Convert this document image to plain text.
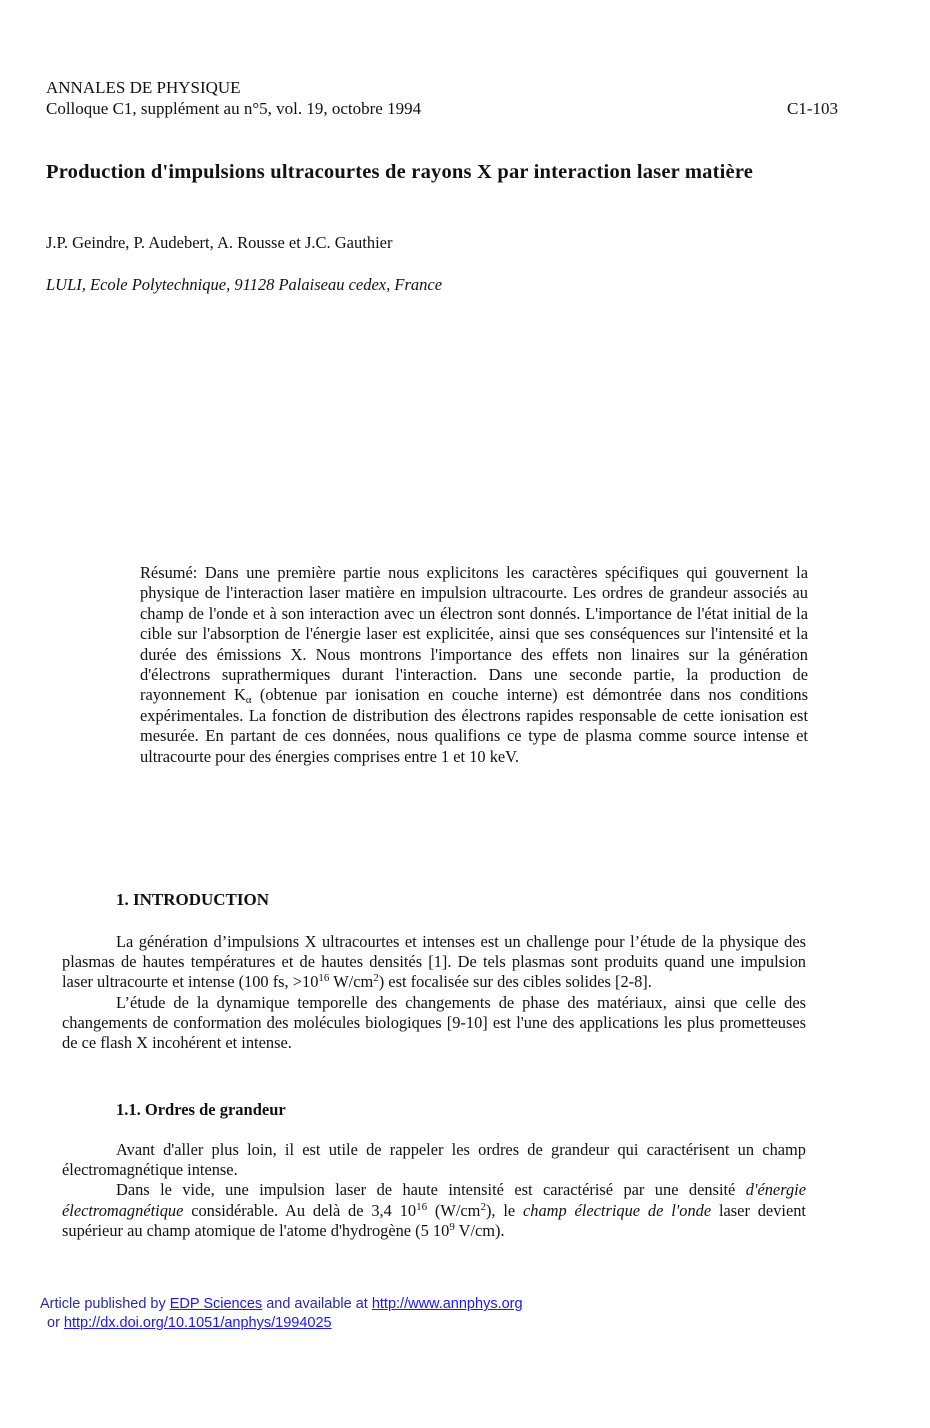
ANNALES DE PHYSIQUE
Colloque C1, supplément au n°5, vol. 19, octobre 1994	C1-103
Production d'impulsions ultracourtes de rayons X par interaction laser matière
J.P. Geindre, P. Audebert, A. Rousse et J.C. Gauthier
LULI, Ecole Polytechnique, 91128 Palaiseau cedex, France
Résumé: Dans une première partie nous explicitons les caractères spécifiques qui gouvernent la physique de l'interaction laser matière en impulsion ultracourte. Les ordres de grandeur associés au champ de l'onde et à son interaction avec un électron sont donnés. L'importance de l'état initial de la cible sur l'absorption de l'énergie laser est explicitée, ainsi que ses conséquences sur l'intensité et la durée des émissions X. Nous montrons l'importance des effets non linaires sur la génération d'électrons suprathermiques durant l'interaction. Dans une seconde partie, la production de rayonnement $K_\alpha$ (obtenue par ionisation en couche interne) est démontrée dans nos conditions expérimentales. La fonction de distribution des électrons rapides responsable de cette ionisation est mesurée. En partant de ces données, nous qualifions ce type de plasma comme source intense et ultracourte pour des énergies comprises entre 1 et 10 keV.
1. INTRODUCTION

La génération d’impulsions X ultracourtes et intenses est un challenge pour l’étude de la physique des plasmas de hautes températures et de hautes densités [1]. De tels plasmas sont produits quand une impulsion laser ultracourte et intense (100 fs, $>10^{16}$ $W/cm^2$) est focalisée sur des cibles solides [2-8].

L’étude de la dynamique temporelle des changements de phase des matériaux, ainsi que celle des changements de conformation des molécules biologiques [9-10] est l'une des applications les plus prometteuses de ce flash X incohérent et intense.

1.1. Ordres de grandeur

Avant d'aller plus loin, il est utile de rappeler les ordres de grandeur qui caractérisent un champ électromagnétique intense.

Dans le vide, une impulsion laser de haute intensité est caractérisé par une densité d'énergie électromagnétique considérable. Au delà de 3,4 $10^{16}$ $(W/cm^2)$, le champ électrique de l'onde laser devient supérieur au champ atomique de l'atome d'hydrogène (5 $10^9$ V/cm).

Article published by EDP Sciences and available at http://www.annphys.org
or http://dx.doi.org/10.1051/anphys/1994025
